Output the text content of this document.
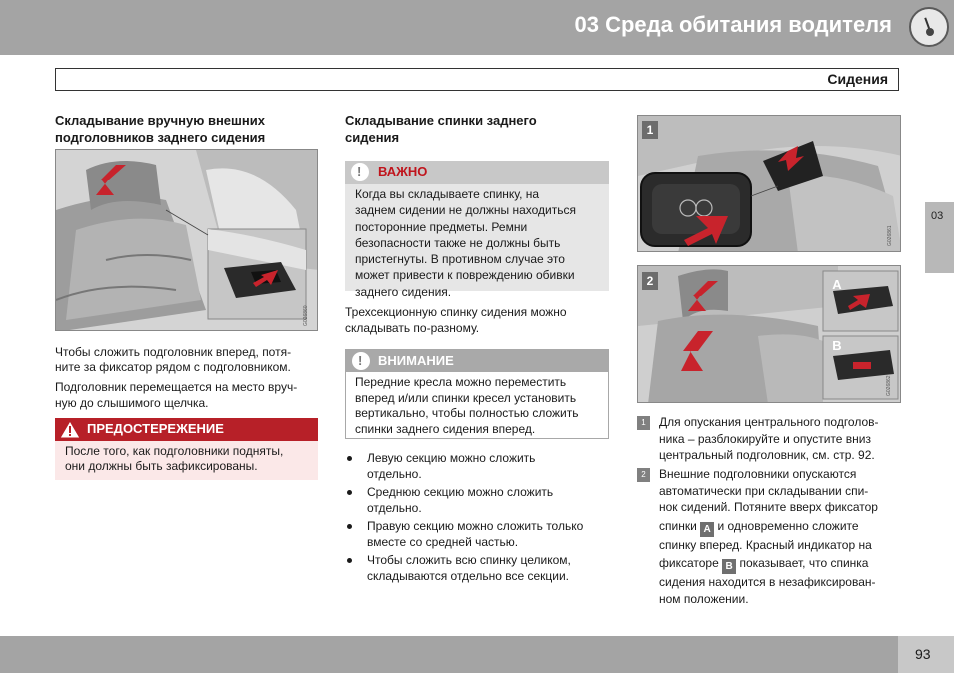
03 Среда обитания водителя
Сидения
03
Складывание вручную внешних
подголовников заднего сидения
G026860
Чтобы сложить подголовник вперед, потя-
ните за фиксатор рядом с подголовником.
Подголовник перемещается на место вруч-
ную до слышимого щелчка.
ПРЕДОСТЕРЕЖЕНИЕ
После того, как подголовники подняты,
они должны быть зафиксированы.
Складывание спинки заднего
сидения
!
ВАЖНО
Когда вы складываете спинку, на
заднем сидении не должны находиться
посторонние предметы. Ремни
безопасности также не должны быть
пристегнуты. В противном случае это
может привести к повреждению обивки
заднего сидения.
Трехсекционную спинку сидения можно
складывать по-разному.
!
ВНИМАНИЕ
Передние кресла можно переместить
вперед и/или спинки кресел установить
вертикально, чтобы полностью сложить
спинки заднего сидения вперед.
Левую секцию можно сложить
отдельно.
Среднюю секцию можно сложить
отдельно.
Правую секцию можно сложить только
вместе со средней частью.
Чтобы сложить всю спинку целиком,
складываются отдельно все секции.
1
G026861
2	A
B
G026862
1	Для опускания центрального подголов-
ника – разблокируйте и опустите вниз
центральный подголовник, см. стр. 92.
2	Внешние подголовники опускаются
автоматически при складывании спи-
нок сидений. Потяните вверх фиксатор
спинки A и одновременно сложите
спинку вперед. Красный индикатор на
фиксаторе B показывает, что спинка
сидения находится в незафиксирован-
ном положении.
93
